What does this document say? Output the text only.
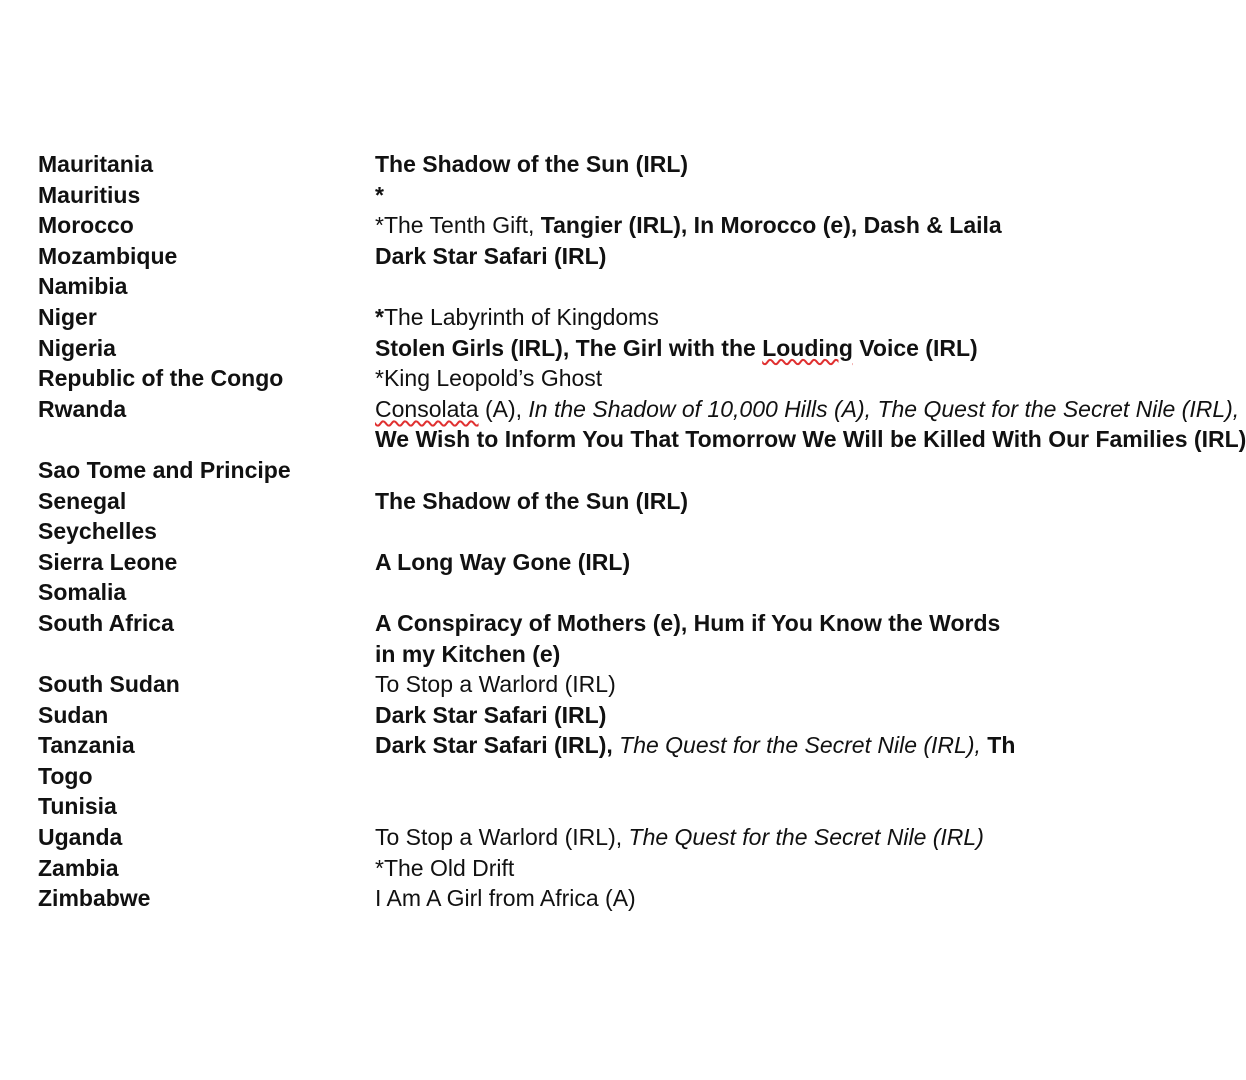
Mauritania	The Shadow of the Sun (IRL)
Mauritius	*
Morocco	*The Tenth Gift, Tangier (IRL), In Morocco (e), Dash & Laila
Mozambique	Dark Star Safari (IRL)
Namibia
Niger	*The Labyrinth of Kingdoms
Nigeria	Stolen Girls (IRL), The Girl with the Louding Voice (IRL)
Republic of the Congo	*King Leopold’s Ghost
Rwanda	Consolata (A), In the Shadow of 10,000 Hills (A), The Quest for the Secret Nile (IRL),
We Wish to Inform You That Tomorrow We Will be Killed With Our Families (IRL)
Sao Tome and Principe
Senegal	The Shadow of the Sun (IRL)
Seychelles
Sierra Leone	A Long Way Gone (IRL)
Somalia
South Africa	A Conspiracy of Mothers (e), Hum if You Know the Words
in my Kitchen (e)
South Sudan	To Stop a Warlord (IRL)
Sudan	Dark Star Safari (IRL)
Tanzania	Dark Star Safari (IRL), The Quest for the Secret Nile (IRL), Th
Togo
Tunisia
Uganda	To Stop a Warlord (IRL), The Quest for the Secret Nile (IRL)
Zambia	*The Old Drift
Zimbabwe	I Am A Girl from Africa (A)
